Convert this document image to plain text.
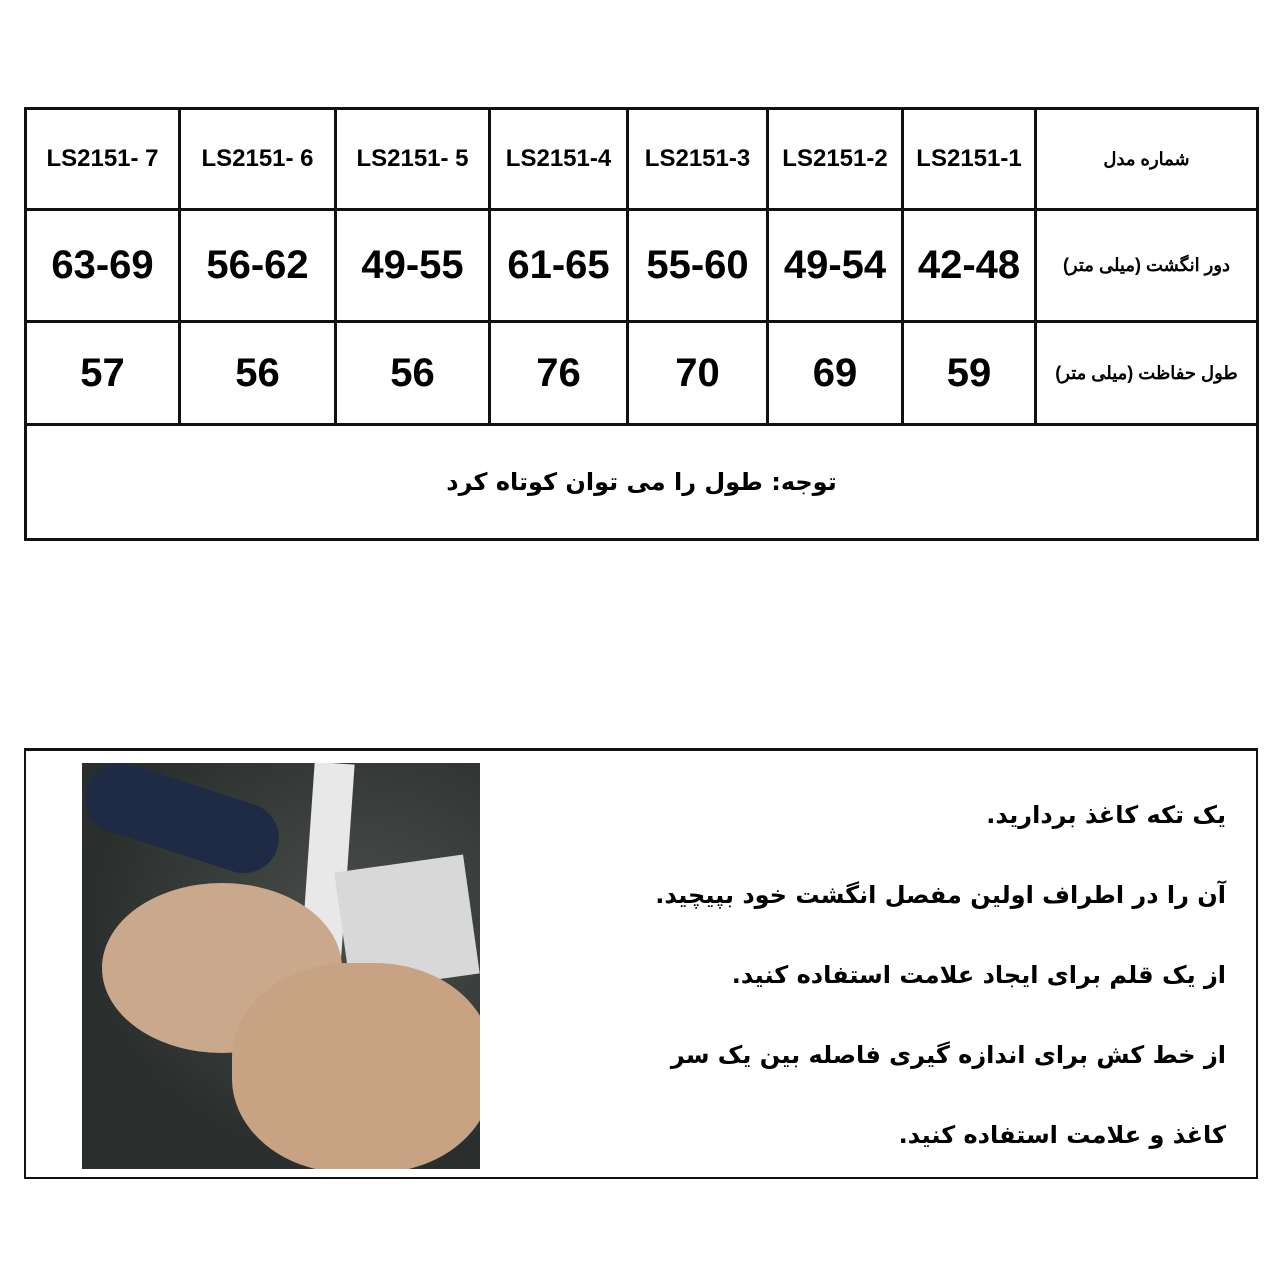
LS2151- 7	LS2151- 6	LS2151- 5	LS2151-4	LS2151-3	LS2151-2	LS2151-1	شماره مدل
63-69	56-62	49-55	61-65	55-60	49-54	42-48	دور انگشت (میلی متر)
57	56	56	76	70	69	59	طول حفاظت (میلی متر)
توجه: طول را می توان کوتاه کرد							

یک تکه کاغذ بردارید.

آن را در اطراف اولین مفصل انگشت خود بپیچید.

از یک قلم برای ایجاد علامت استفاده کنید.

از خط کش برای اندازه گیری فاصله بین یک سر

کاغذ و علامت استفاده کنید.
